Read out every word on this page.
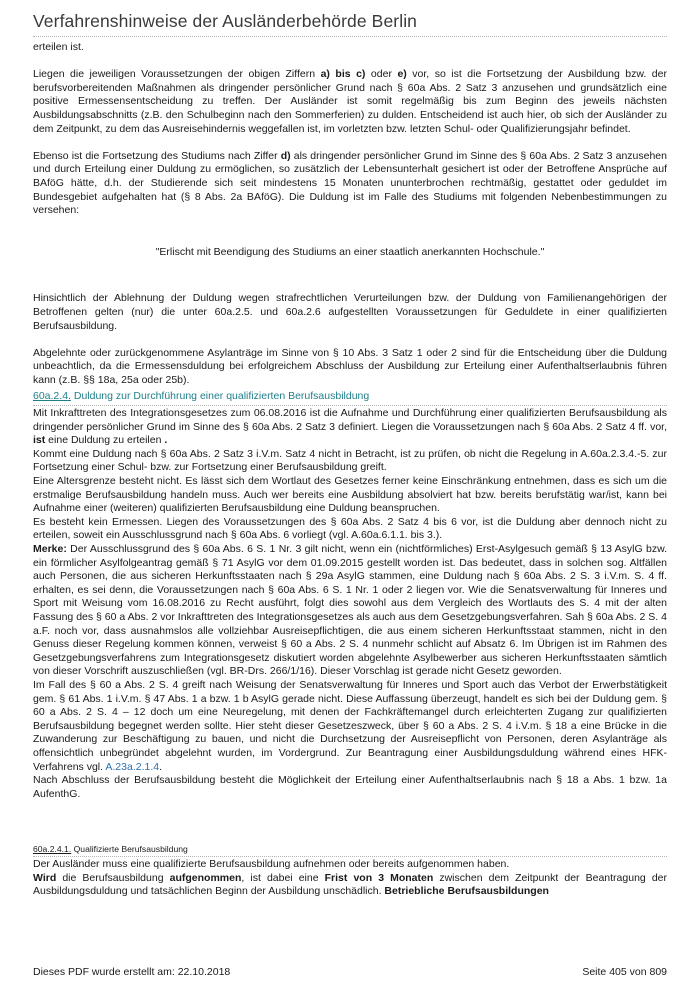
Verfahrenshinweise der Ausländerbehörde Berlin

erteilen ist.

Liegen die jeweiligen Voraussetzungen der obigen Ziffern a) bis c) oder e) vor, so ist die Fortsetzung der Ausbildung bzw. der berufsvorbereitenden Maßnahmen als dringender persönlicher Grund nach § 60a Abs. 2 Satz 3 anzusehen und grundsätzlich eine positive Ermessensentscheidung zu treffen. Der Ausländer ist somit regelmäßig bis zum Beginn des jeweils nächsten Ausbildungsabschnitts (z.B. den Schulbeginn nach den Sommerferien) zu dulden. Entscheidend ist auch hier, ob sich der Ausländer zu dem Zeitpunkt, zu dem das Ausreisehindernis weggefallen ist, im vorletzten bzw. letzten Schul- oder Qualifizierungsjahr befindet.

Ebenso ist die Fortsetzung des Studiums nach Ziffer d) als dringender persönlicher Grund im Sinne des § 60a Abs. 2 Satz 3 anzusehen und durch Erteilung einer Duldung zu ermöglichen, so zusätzlich der Lebensunterhalt gesichert ist oder der Betroffene Ansprüche auf BAföG hätte, d.h. der Studierende sich seit mindestens 15 Monaten ununterbrochen rechtmäßig, gestattet oder geduldet im Bundesgebiet aufgehalten hat (§ 8 Abs. 2a BAföG). Die Duldung ist im Falle des Studiums mit folgenden Nebenbestimmungen zu versehen:

"Erlischt mit Beendigung des Studiums an einer staatlich anerkannten Hochschule."

Hinsichtlich der Ablehnung der Duldung wegen strafrechtlichen Verurteilungen bzw. der Duldung von Familienangehörigen der Betroffenen gelten (nur) die unter 60a.2.5. und 60a.2.6 aufgestellten Voraussetzungen für Geduldete in einer qualifizierten Berufsausbildung.

Abgelehnte oder zurückgenommene Asylanträge im Sinne von § 10 Abs. 3 Satz 1 oder 2 sind für die Entscheidung über die Duldung unbeachtlich, da die Ermessensduldung bei erfolgreichem Abschluss der Ausbildung zur Erteilung einer Aufenthaltserlaubnis führen kann (z.B. §§ 18a, 25a oder 25b).

60a.2.4. Duldung zur Durchführung einer qualifizierten Berufsausbildung

Mit Inkrafttreten des Integrationsgesetzes zum 06.08.2016 ist die Aufnahme und Durchführung einer qualifizierten Berufsausbildung als dringender persönlicher Grund im Sinne des § 60a Abs. 2 Satz 3 definiert. Liegen die Voraussetzungen nach § 60a Abs. 2 Satz 4 ff. vor, ist eine Duldung zu erteilen .

Kommt eine Duldung nach § 60a Abs. 2 Satz 3 i.V.m. Satz 4 nicht in Betracht, ist zu prüfen, ob nicht die Regelung in A.60a.2.3.4.-5. zur Fortsetzung einer Schul- bzw. zur Fortsetzung einer Berufsausbildung greift.

Eine Altersgrenze besteht nicht. Es lässt sich dem Wortlaut des Gesetzes ferner keine Einschränkung entnehmen, dass es sich um die erstmalige Berufsausbildung handeln muss. Auch wer bereits eine Ausbildung absolviert hat bzw. bereits berufstätig war/ist, kann bei Aufnahme einer (weiteren) qualifizierten Berufsausbildung eine Duldung beanspruchen.

Es besteht kein Ermessen. Liegen des Voraussetzungen des § 60a Abs. 2 Satz 4 bis 6 vor, ist die Duldung aber dennoch nicht zu erteilen, soweit ein Ausschlussgrund nach § 60a Abs. 6 vorliegt (vgl. A.60a.6.1.1. bis 3.).

Merke: Der Ausschlussgrund des § 60a Abs. 6 S. 1 Nr. 3 gilt nicht, wenn ein (nichtförmliches) Erst-Asylgesuch gemäß § 13 AsylG bzw. ein förmlicher Asylfolgeantrag gemäß § 71 AsylG vor dem 01.09.2015 gestellt worden ist. Das bedeutet, dass in solchen sog. Altfällen auch Personen, die aus sicheren Herkunftsstaaten nach § 29a AsylG stammen, eine Duldung nach § 60a Abs. 2 S. 3 i.V.m. S. 4 ff. erhalten, es sei denn, die Voraussetzungen nach § 60a Abs. 6 S. 1 Nr. 1 oder 2 liegen vor. Wie die Senatsverwaltung für Inneres und Sport mit Weisung vom 16.08.2016 zu Recht ausführt, folgt dies sowohl aus dem Vergleich des Wortlauts des S. 4 mit der alten Fassung des § 60 a Abs. 2 vor Inkrafttreten des Integrationsgesetzes als auch aus dem Gesetzgebungsverfahren. Sah § 60a Abs. 2 S. 4 a.F. noch vor, dass ausnahmslos alle vollziehbar Ausreisepflichtigen, die aus einem sicheren Herkunftsstaat stammen, nicht in den Genuss dieser Regelung kommen können, verweist § 60 a Abs. 2 S. 4 nunmehr schlicht auf Absatz 6. Im Übrigen ist im Rahmen des Gesetzgebungsverfahrens zum Integrationsgesetz diskutiert worden abgelehnte Asylbewerber aus sicheren Herkunftsstaaten sämtlich von dieser Vorschrift auszuschließen (vgl. BR-Drs. 266/1/16). Dieser Vorschlag ist gerade nicht Gesetz geworden.

Im Fall des § 60 a Abs. 2 S. 4 greift nach Weisung der Senatsverwaltung für Inneres und Sport auch das Verbot der Erwerbstätigkeit gem. § 61 Abs. 1 i.V.m. § 47 Abs. 1 a bzw. 1 b AsylG gerade nicht. Diese Auffassung überzeugt, handelt es sich bei der Duldung gem. § 60 a Abs. 2 S. 4 – 12 doch um eine Neuregelung, mit denen der Fachkräftemangel durch erleichterten Zugang zur qualifizierten Berufsausbildung begegnet werden sollte. Hier steht dieser Gesetzeszweck, über § 60 a Abs. 2 S. 4 i.V.m. § 18 a eine Brücke in die Zuwanderung zur Beschäftigung zu bauen, und nicht die Durchsetzung der Ausreisepflicht von Personen, deren Asylanträge als offensichtlich unbegründet abgelehnt wurden, im Vordergrund. Zur Beantragung einer Ausbildungsduldung während eines HFK-Verfahrens vgl. A.23a.2.1.4.

Nach Abschluss der Berufsausbildung besteht die Möglichkeit der Erteilung einer Aufenthaltserlaubnis nach § 18 a Abs. 1 bzw. 1a AufenthG.

60a.2.4.1. Qualifizierte Berufsausbildung

Der Ausländer muss eine qualifizierte Berufsausbildung aufnehmen oder bereits aufgenommen haben.

Wird die Berufsausbildung aufgenommen, ist dabei eine Frist von 3 Monaten zwischen dem Zeitpunkt der Beantragung der Ausbildungsduldung und tatsächlichen Beginn der Ausbildung unschädlich. Betriebliche Berufsausbildungen

Dieses PDF wurde erstellt am: 22.10.2018	Seite 405 von 809
